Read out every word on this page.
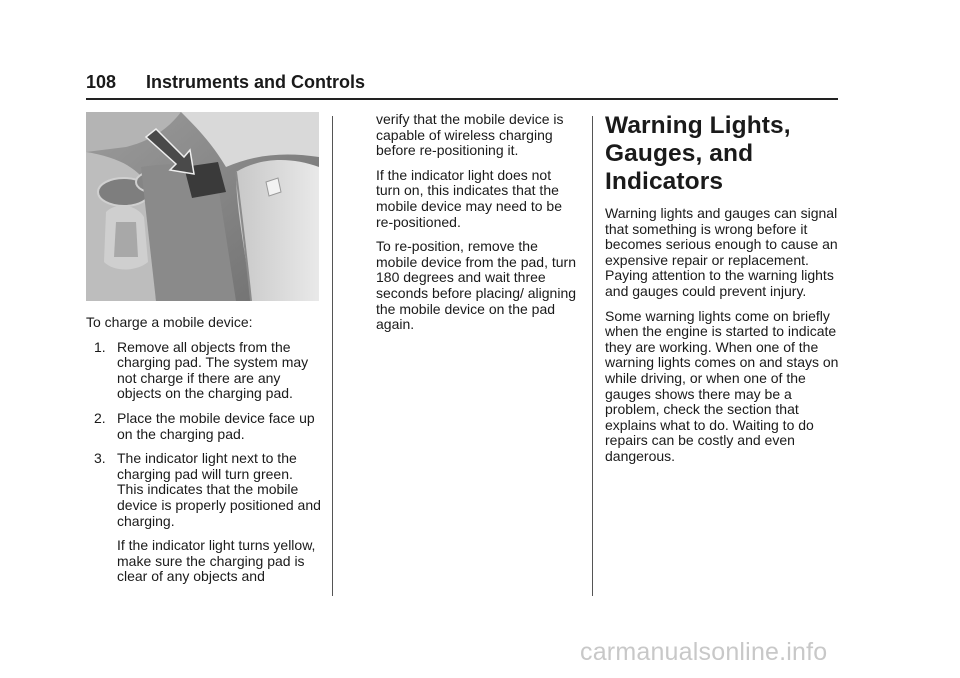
108 Instruments and Controls

To charge a mobile device:

1. Remove all objects from the charging pad. The system may not charge if there are any objects on the charging pad.
2. Place the mobile device face up on the charging pad.
3. The indicator light next to the charging pad will turn green. This indicates that the mobile device is properly positioned and charging.

If the indicator light turns yellow, make sure the charging pad is clear of any objects and

verify that the mobile device is capable of wireless charging before re-positioning it.

If the indicator light does not turn on, this indicates that the mobile device may need to be re-positioned.

To re-position, remove the mobile device from the pad, turn 180 degrees and wait three seconds before placing/ aligning the mobile device on the pad again.

Warning Lights, Gauges, and Indicators

Warning lights and gauges can signal that something is wrong before it becomes serious enough to cause an expensive repair or replacement. Paying attention to the warning lights and gauges could prevent injury.

Some warning lights come on briefly when the engine is started to indicate they are working. When one of the warning lights comes on and stays on while driving, or when one of the gauges shows there may be a problem, check the section that explains what to do. Waiting to do repairs can be costly and even dangerous.

carmanualsonline.info
